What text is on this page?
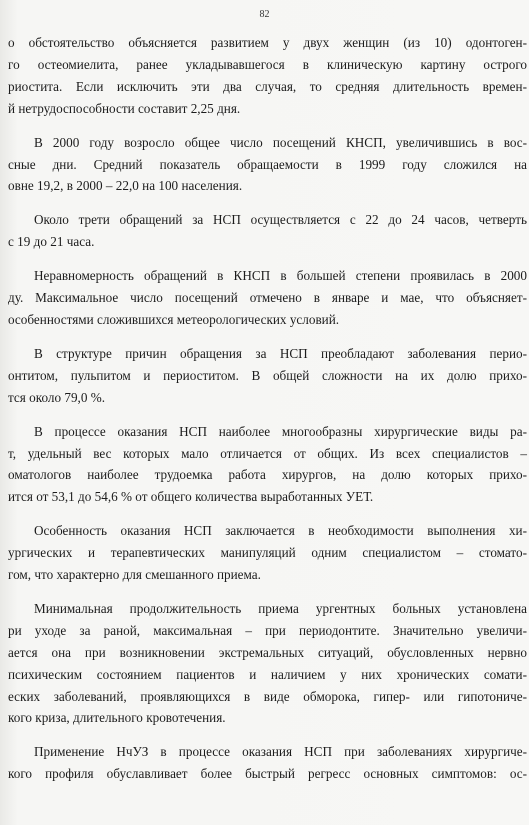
82
о обстоятельство объясняется развитием у двух женщин (из 10) одонтоген-
го остеомиелита, ранее укладывавшегося в клиническую картину острого
риостита. Если исключить эти два случая, то средняя длительность времен-
й нетрудоспособности составит 2,25 дня.
В 2000 году возросло общее число посещений КНСП, увеличившись в вос-
сные дни. Средний показатель обращаемости в 1999 году сложился на
овне 19,2, в 2000 – 22,0 на 100 населения.
Около трети обращений за НСП осуществляется с 22 до 24 часов, четверть
с 19 до 21 часа.
Неравномерность обращений в КНСП в большей степени проявилась в 2000
ду. Максимальное число посещений отмечено в январе и мае, что объясняет-
особенностями сложившихся метеорологических условий.
В структуре причин обращения за НСП преобладают заболевания перио-
онтитом, пульпитом и периоститом. В общей сложности на их долю прихо-
тся около 79,0 %.
В процессе оказания НСП наиболее многообразны хирургические виды ра-
т, удельный вес которых мало отличается от общих. Из всех специалистов –
оматологов наиболее трудоемка работа хирургов, на долю которых прихо-
ится от 53,1 до 54,6 % от общего количества выработанных УЕТ.
Особенность оказания НСП заключается в необходимости выполнения хи-
ургических и терапевтических манипуляций одним специалистом – стомато-
гом, что характерно для смешанного приема.
Минимальная продолжительность приема ургентных больных установлена
ри уходе за раной, максимальная – при периодонтите. Значительно увеличи-
ается она при возникновении экстремальных ситуаций, обусловленных нервно
психическим состоянием пациентов и наличием у них хронических сомати-
еских заболеваний, проявляющихся в виде обморока, гипер- или гипотониче-
кого криза, длительного кровотечения.
Применение НчУЗ в процессе оказания НСП при заболеваниях хирургиче-
кого профиля обуславливает более быстрый регресс основных симптомов: ос-
